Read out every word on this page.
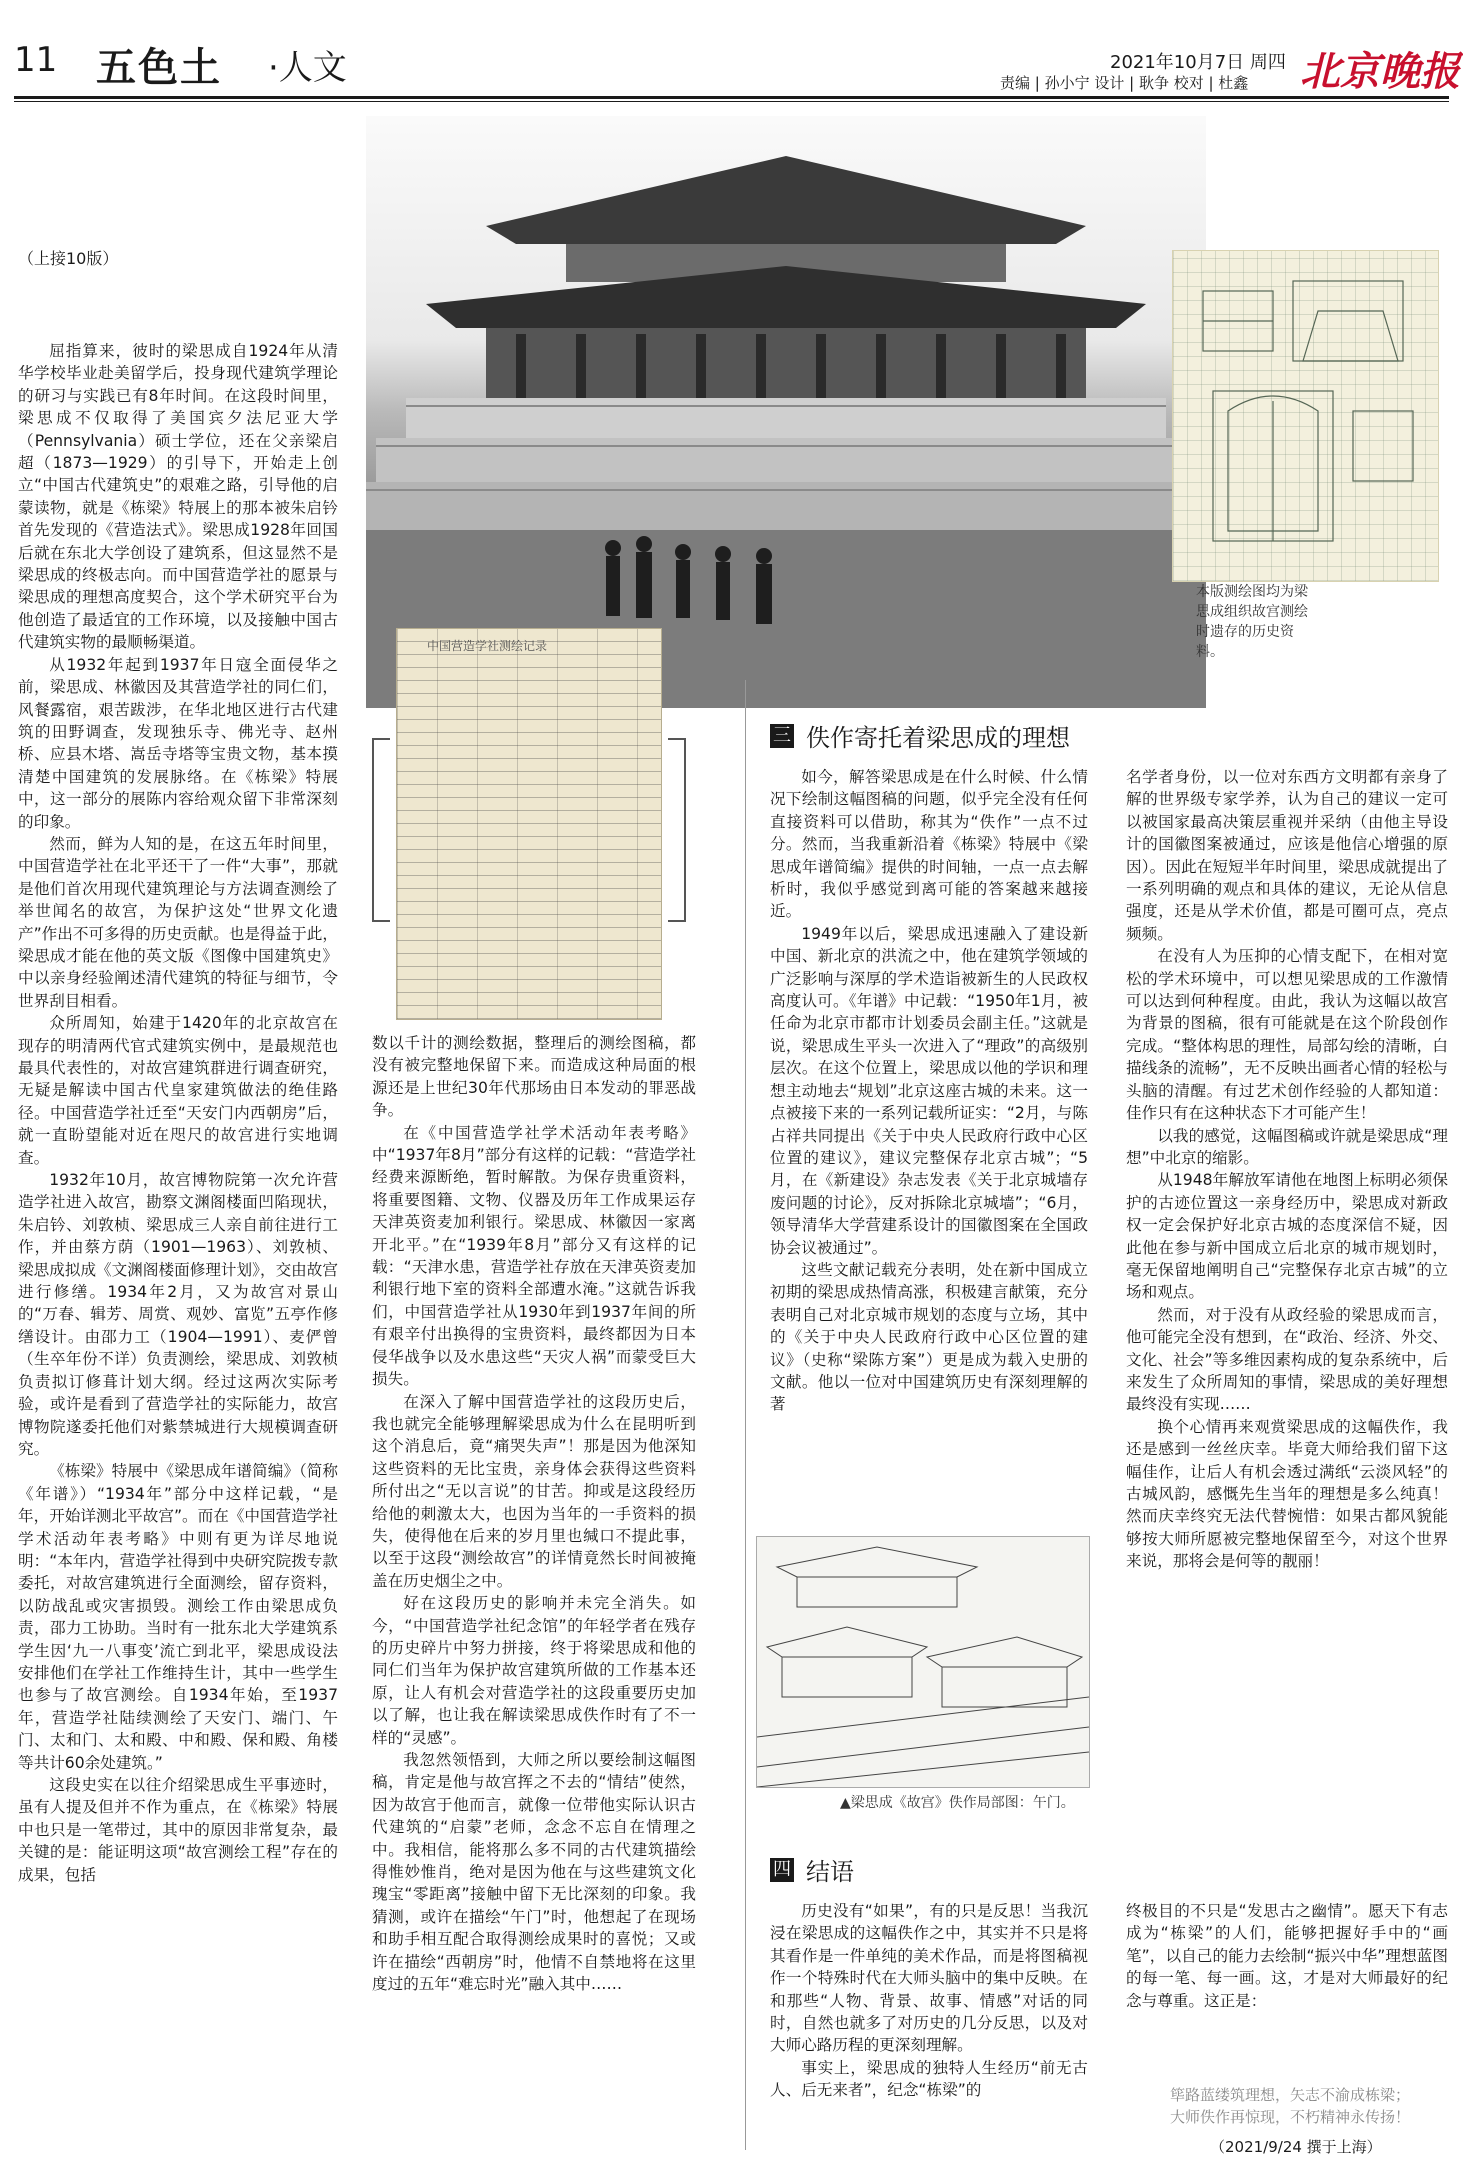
11 五色土 ·人文	2021年10月7日 周四
责编 | 孙小宁 设计 | 耿争 校对 | 杜鑫 北京晚报
本版测绘图均为梁思成组织故宫测绘时遗存的历史资料。
中国营造学社测绘记录
▲梁思成《故宫》佚作局部图：午门。
（上接10版）

屈指算来，彼时的梁思成自1924年从清华学校毕业赴美留学后，投身现代建筑学理论的研习与实践已有8年时间。在这段时间里，梁思成不仅取得了美国宾夕法尼亚大学（Pennsylvania）硕士学位，还在父亲梁启超（1873—1929）的引导下，开始走上创立“中国古代建筑史”的艰难之路，引导他的启蒙读物，就是《栋梁》特展上的那本被朱启钤首先发现的《营造法式》。梁思成1928年回国后就在东北大学创设了建筑系，但这显然不是梁思成的终极志向。而中国营造学社的愿景与梁思成的理想高度契合，这个学术研究平台为他创造了最适宜的工作环境，以及接触中国古代建筑实物的最顺畅渠道。

从1932年起到1937年日寇全面侵华之前，梁思成、林徽因及其营造学社的同仁们，风餐露宿，艰苦跋涉，在华北地区进行古代建筑的田野调查，发现独乐寺、佛光寺、赵州桥、应县木塔、嵩岳寺塔等宝贵文物，基本摸清楚中国建筑的发展脉络。在《栋梁》特展中，这一部分的展陈内容给观众留下非常深刻的印象。

然而，鲜为人知的是，在这五年时间里，中国营造学社在北平还干了一件“大事”，那就是他们首次用现代建筑理论与方法调查测绘了举世闻名的故宫，为保护这处“世界文化遗产”作出不可多得的历史贡献。也是得益于此，梁思成才能在他的英文版《图像中国建筑史》中以亲身经验阐述清代建筑的特征与细节，令世界刮目相看。

众所周知，始建于1420年的北京故宫在现存的明清两代官式建筑实例中，是最规范也最具代表性的，对故宫建筑群进行调查研究，无疑是解读中国古代皇家建筑做法的绝佳路径。中国营造学社迁至“天安门内西朝房”后，就一直盼望能对近在咫尺的故宫进行实地调查。

1932年10月，故宫博物院第一次允许营造学社进入故宫，勘察文渊阁楼面凹陷现状，朱启钤、刘敦桢、梁思成三人亲自前往进行工作，并由蔡方荫（1901—1963）、刘敦桢、梁思成拟成《文渊阁楼面修理计划》，交由故宫进行修缮。1934年2月，又为故宫对景山的“万春、辑芳、周赏、观妙、富览”五亭作修缮设计。由邵力工（1904—1991）、麦俨曾（生卒年份不详）负责测绘，梁思成、刘敦桢负责拟订修葺计划大纲。经过这两次实际考验，或许是看到了营造学社的实际能力，故宫博物院遂委托他们对紫禁城进行大规模调查研究。

《栋梁》特展中《梁思成年谱简编》（简称《年谱》）“1934年”部分中这样记载，“是年，开始详测北平故宫”。而在《中国营造学社学术活动年表考略》中则有更为详尽地说明：“本年内，营造学社得到中央研究院拨专款委托，对故宫建筑进行全面测绘，留存资料，以防战乱或灾害损毁。测绘工作由梁思成负责，邵力工协助。当时有一批东北大学建筑系学生因‘九一八事变’流亡到北平，梁思成设法安排他们在学社工作维持生计，其中一些学生也参与了故宫测绘。自1934年始，至1937年，营造学社陆续测绘了天安门、端门、午门、太和门、太和殿、中和殿、保和殿、角楼等共计60余处建筑。”

这段史实在以往介绍梁思成生平事迹时，虽有人提及但并不作为重点，在《栋梁》特展中也只是一笔带过，其中的原因非常复杂，最关键的是：能证明这项“故宫测绘工程”存在的成果，包括

数以千计的测绘数据，整理后的测绘图稿，都没有被完整地保留下来。而造成这种局面的根源还是上世纪30年代那场由日本发动的罪恶战争。

在《中国营造学社学术活动年表考略》中“1937年8月”部分有这样的记载：“营造学社经费来源断绝，暂时解散。为保存贵重资料，将重要图籍、文物、仪器及历年工作成果运存天津英资麦加利银行。梁思成、林徽因一家离开北平。”在“1939年8月”部分又有这样的记载：“天津水患，营造学社存放在天津英资麦加利银行地下室的资料全部遭水淹。”这就告诉我们，中国营造学社从1930年到1937年间的所有艰辛付出换得的宝贵资料，最终都因为日本侵华战争以及水患这些“天灾人祸”而蒙受巨大损失。

在深入了解中国营造学社的这段历史后，我也就完全能够理解梁思成为什么在昆明听到这个消息后，竟“痛哭失声”！那是因为他深知这些资料的无比宝贵，亲身体会获得这些资料所付出之“无以言说”的甘苦。抑或是这段经历给他的刺激太大，也因为当年的一手资料的损失，使得他在后来的岁月里也缄口不提此事，以至于这段“测绘故宫”的详情竟然长时间被掩盖在历史烟尘之中。

好在这段历史的影响并未完全消失。如今，“中国营造学社纪念馆”的年轻学者在残存的历史碎片中努力拼接，终于将梁思成和他的同仁们当年为保护故宫建筑所做的工作基本还原，让人有机会对营造学社的这段重要历史加以了解，也让我在解读梁思成佚作时有了不一样的“灵感”。

我忽然领悟到，大师之所以要绘制这幅图稿，肯定是他与故宫挥之不去的“情结”使然，因为故宫于他而言，就像一位带他实际认识古代建筑的“启蒙”老师，念念不忘自在情理之中。我相信，能将那么多不同的古代建筑描绘得惟妙惟肖，绝对是因为他在与这些建筑文化瑰宝“零距离”接触中留下无比深刻的印象。我猜测，或许在描绘“午门”时，他想起了在现场和助手相互配合取得测绘成果时的喜悦；又或许在描绘“西朝房”时，他情不自禁地将在这里度过的五年“难忘时光”融入其中……

三 佚作寄托着梁思成的理想

如今，解答梁思成是在什么时候、什么情况下绘制这幅图稿的问题，似乎完全没有任何直接资料可以借助，称其为“佚作”一点不过分。然而，当我重新沿着《栋梁》特展中《梁思成年谱简编》提供的时间轴，一点一点去解析时，我似乎感觉到离可能的答案越来越接近。

1949年以后，梁思成迅速融入了建设新中国、新北京的洪流之中，他在建筑学领域的广泛影响与深厚的学术造诣被新生的人民政权高度认可。《年谱》中记载：“1950年1月，被任命为北京市都市计划委员会副主任。”这就是说，梁思成生平头一次进入了“理政”的高级别层次。在这个位置上，梁思成以他的学识和理想主动地去“规划”北京这座古城的未来。这一点被接下来的一系列记载所证实：“2月，与陈占祥共同提出《关于中央人民政府行政中心区位置的建议》，建议完整保存北京古城”；“5月，在《新建设》杂志发表《关于北京城墙存废问题的讨论》，反对拆除北京城墙”；“6月，领导清华大学营建系设计的国徽图案在全国政协会议被通过”。

这些文献记载充分表明，处在新中国成立初期的梁思成热情高涨，积极建言献策，充分表明自己对北京城市规划的态度与立场，其中的《关于中央人民政府行政中心区位置的建议》（史称“梁陈方案”）更是成为载入史册的文献。他以一位对中国建筑历史有深刻理解的著

名学者身份，以一位对东西方文明都有亲身了解的世界级专家学养，认为自己的建议一定可以被国家最高决策层重视并采纳（由他主导设计的国徽图案被通过，应该是他信心增强的原因）。因此在短短半年时间里，梁思成就提出了一系列明确的观点和具体的建议，无论从信息强度，还是从学术价值，都是可圈可点，亮点频频。

在没有人为压抑的心情支配下，在相对宽松的学术环境中，可以想见梁思成的工作激情可以达到何种程度。由此，我认为这幅以故宫为背景的图稿，很有可能就是在这个阶段创作完成。“整体构思的理性，局部勾绘的清晰，白描线条的流畅”，无不反映出画者心情的轻松与头脑的清醒。有过艺术创作经验的人都知道：佳作只有在这种状态下才可能产生！

以我的感觉，这幅图稿或许就是梁思成“理想”中北京的缩影。

从1948年解放军请他在地图上标明必须保护的古迹位置这一亲身经历中，梁思成对新政权一定会保护好北京古城的态度深信不疑，因此他在参与新中国成立后北京的城市规划时，毫无保留地阐明自己“完整保存北京古城”的立场和观点。

然而，对于没有从政经验的梁思成而言，他可能完全没有想到，在“政治、经济、外交、文化、社会”等多维因素构成的复杂系统中，后来发生了众所周知的事情，梁思成的美好理想最终没有实现……

换个心情再来观赏梁思成的这幅佚作，我还是感到一丝丝庆幸。毕竟大师给我们留下这幅佳作，让后人有机会透过满纸“云淡风轻”的古城风韵，感慨先生当年的理想是多么纯真！然而庆幸终究无法代替惋惜：如果古都风貌能够按大师所愿被完整地保留至今，对这个世界来说，那将会是何等的靓丽！

四 结语

历史没有“如果”，有的只是反思！当我沉浸在梁思成的这幅佚作之中，其实并不只是将其看作是一件单纯的美术作品，而是将图稿视作一个特殊时代在大师头脑中的集中反映。在和那些“人物、背景、故事、情感”对话的同时，自然也就多了对历史的几分反思，以及对大师心路历程的更深刻理解。

事实上，梁思成的独特人生经历“前无古人、后无来者”，纪念“栋梁”的

终极目的不只是“发思古之幽情”。愿天下有志成为“栋梁”的人们，能够把握好手中的“画笔”，以自己的能力去绘制“振兴中华”理想蓝图的每一笔、每一画。这，才是对大师最好的纪念与尊重。这正是：

筚路蓝缕筑理想，矢志不渝成栋梁；
大师佚作再惊现，不朽精神永传扬！
（2021/9/24 撰于上海）
